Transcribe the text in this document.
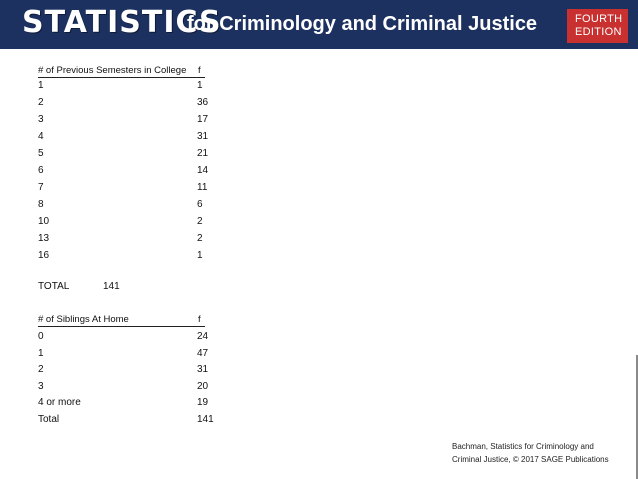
STATISTICS
for Criminology and Criminal Justice	FOURTH
EDITION
# of Previous Semesters in College f
1	1
2	36
3	17
4	31
5	21
6	14
7	11
8	6
10	2
13	2
16	1
TOTAL	141
# of Siblings At Home	f
0	24
1	47
2	31
3	20
4 or more	19
Total	141
Bachman, Statistics for Criminology and
Criminal Justice, © 2017 SAGE Publications
